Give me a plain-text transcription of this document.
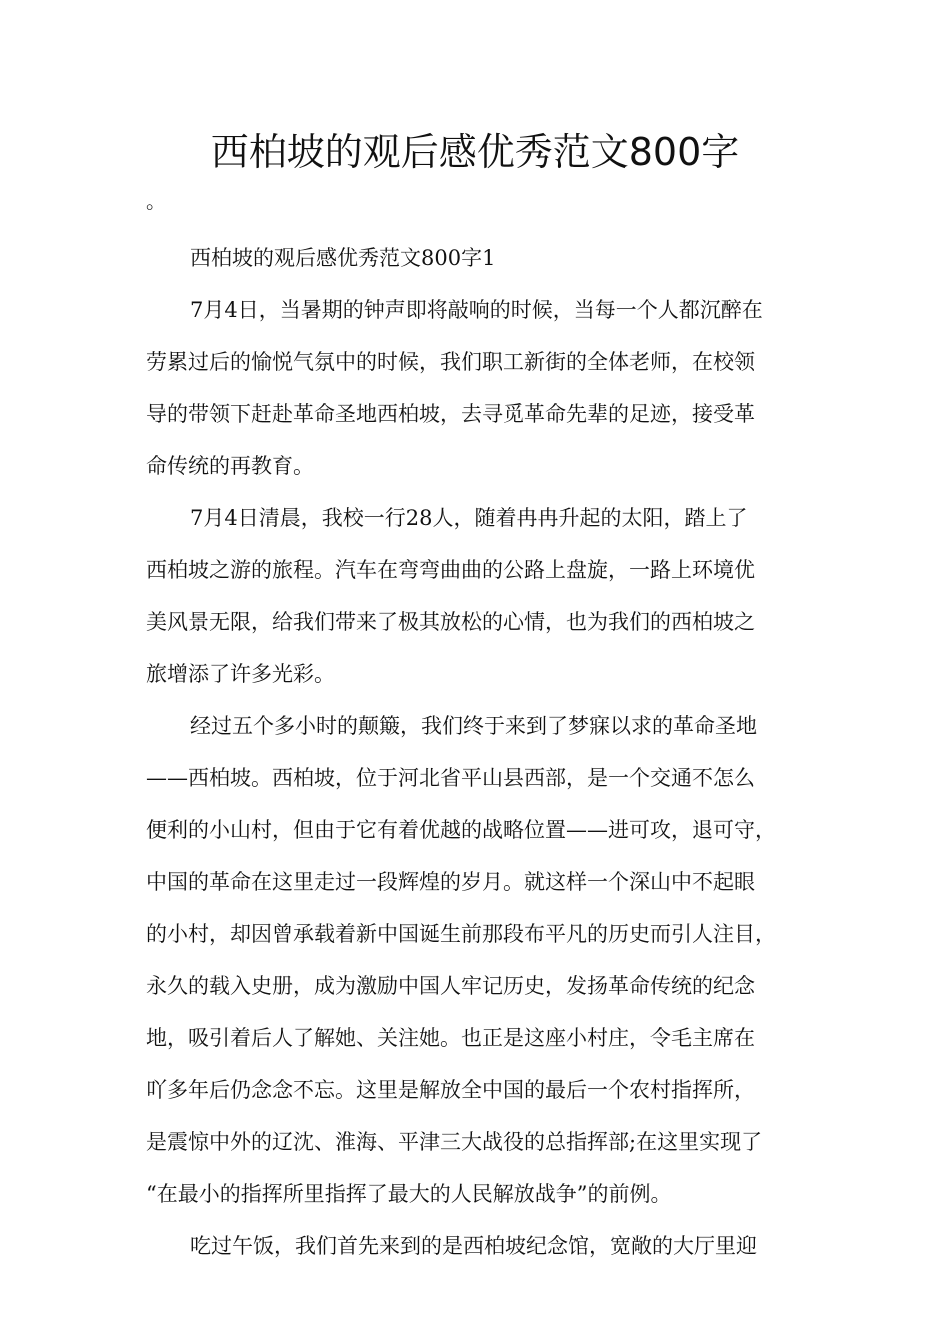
西柏坡的观后感优秀范文800字
。
西柏坡的观后感优秀范文800字1
7月4日，当暑期的钟声即将敲响的时候，当每一个人都沉醉在
劳累过后的愉悦气氛中的时候，我们职工新街的全体老师，在校领
导的带领下赶赴革命圣地西柏坡，去寻觅革命先辈的足迹，接受革
命传统的再教育。
7月4日清晨，我校一行28人，随着冉冉升起的太阳，踏上了
西柏坡之游的旅程。汽车在弯弯曲曲的公路上盘旋，一路上环境优
美风景无限，给我们带来了极其放松的心情，也为我们的西柏坡之
旅增添了许多光彩。
经过五个多小时的颠簸，我们终于来到了梦寐以求的革命圣地
——西柏坡。西柏坡，位于河北省平山县西部，是一个交通不怎么
便利的小山村，但由于它有着优越的战略位置——进可攻，退可守，
中国的革命在这里走过一段辉煌的岁月。就这样一个深山中不起眼
的小村，却因曾承载着新中国诞生前那段布平凡的历史而引人注目，
永久的载入史册，成为激励中国人牢记历史，发扬革命传统的纪念
地，吸引着后人了解她、关注她。也正是这座小村庄，令毛主席在
吖多年后仍念念不忘。这里是解放全中国的最后一个农村指挥所，
是震惊中外的辽沈、淮海、平津三大战役的总指挥部;在这里实现了
“在最小的指挥所里指挥了最大的人民解放战争”的前例。
吃过午饭，我们首先来到的是西柏坡纪念馆，宽敞的大厅里迎
